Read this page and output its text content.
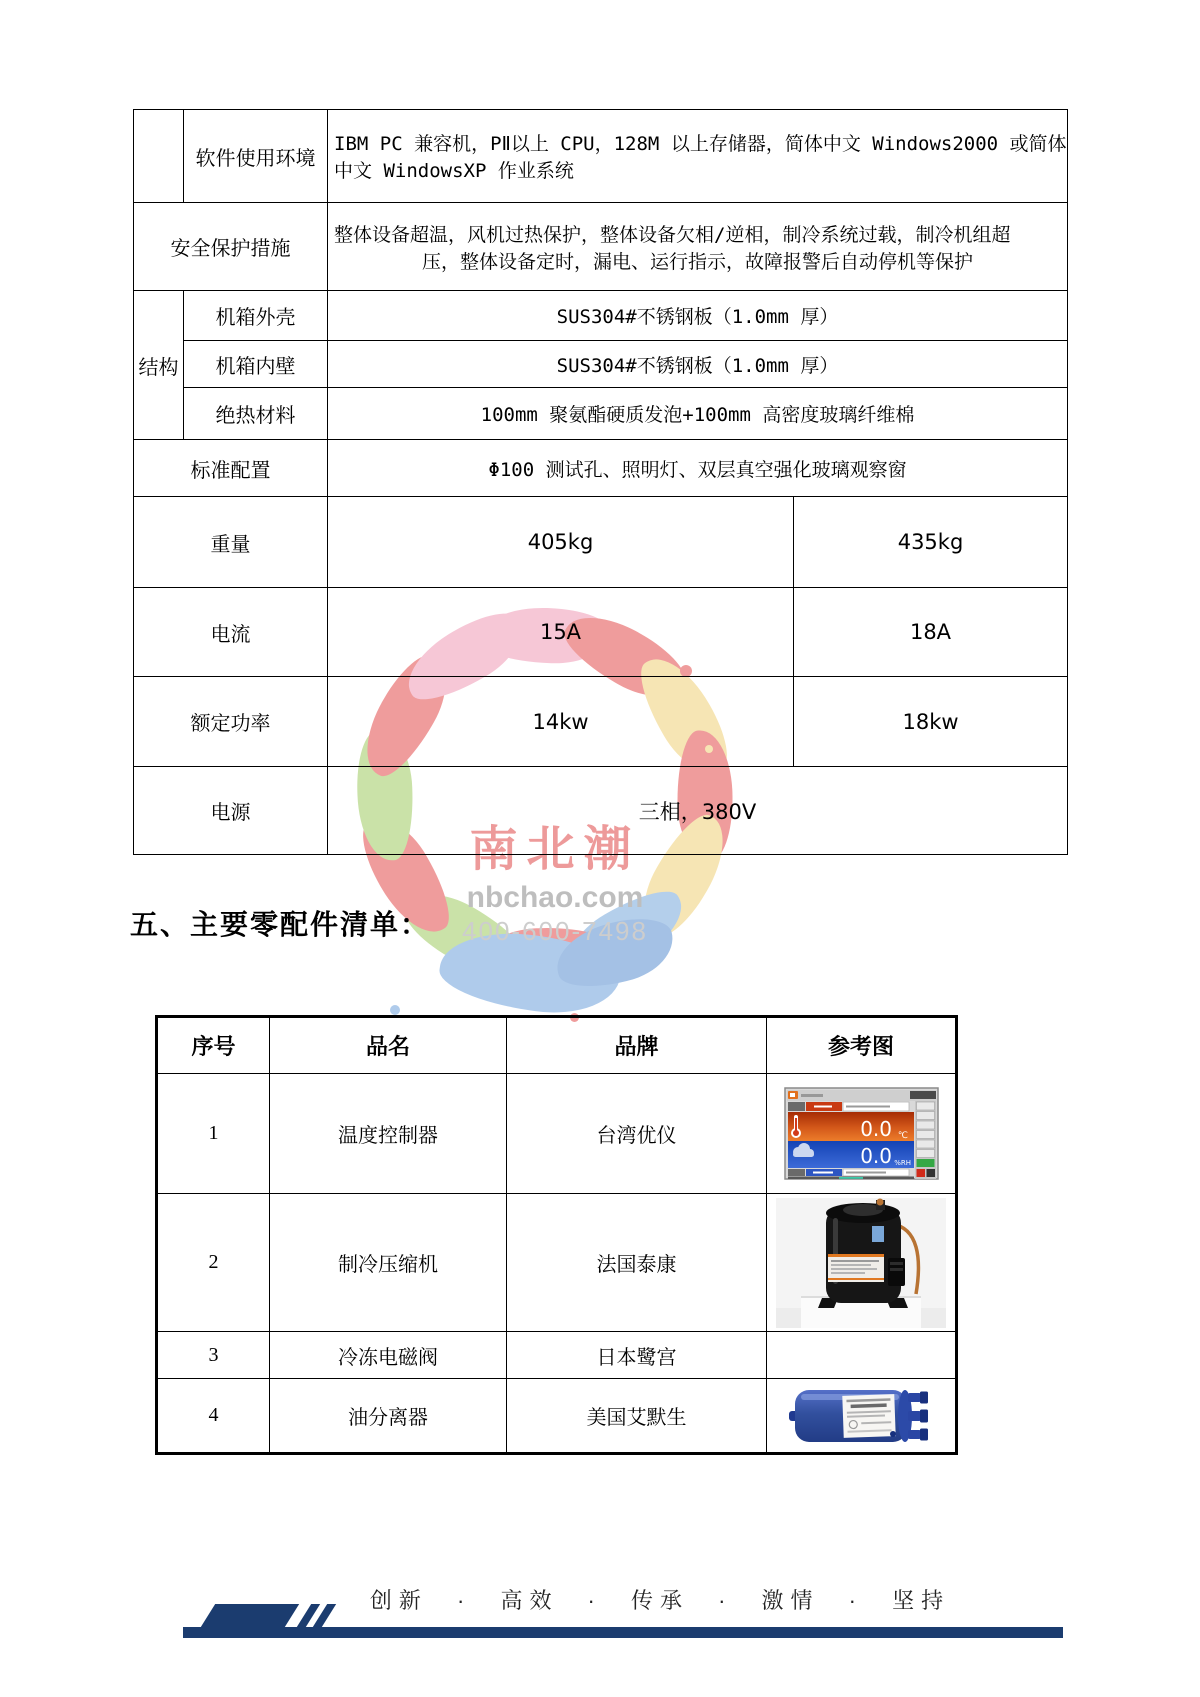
南北潮
nbchao.com
400-600-7498
	软件使用环境	IBM PC 兼容机，PⅡ以上 CPU，128M 以上存储器，简体中文 Windows2000 或简体
中文 WindowsXP 作业系统	

安全保护措施		整体设备超温，风机过热保护，整体设备欠相/逆相，制冷系统过载，制冷机组超
压，整体设备定时，漏电、运行指示，故障报警后自动停机等保护	

结构	机箱外壳	SUS304#不锈钢板（1.0mm 厚）	
	机箱内壁	SUS304#不锈钢板（1.0mm 厚）	
	绝热材料	100mm 聚氨酯硬质发泡+100mm 高密度玻璃纤维棉	
标准配置		Φ100 测试孔、照明灯、双层真空强化玻璃观察窗	
重量		405kg	435kg
电流		15A	18A
额定功率		14kw	18kw
电源		三相，380V	
五、主要零配件清单：
序号	品名	品牌	参考图
1	温度控制器	台湾优仪	0.0 ℃
0.0 %RH

2	制冷压缩机	法国泰康	

3	冷冻电磁阀	日本鹭宫	
4	油分离器	美国艾默生	
创新 · 高效 · 传承 · 激情 · 坚持
